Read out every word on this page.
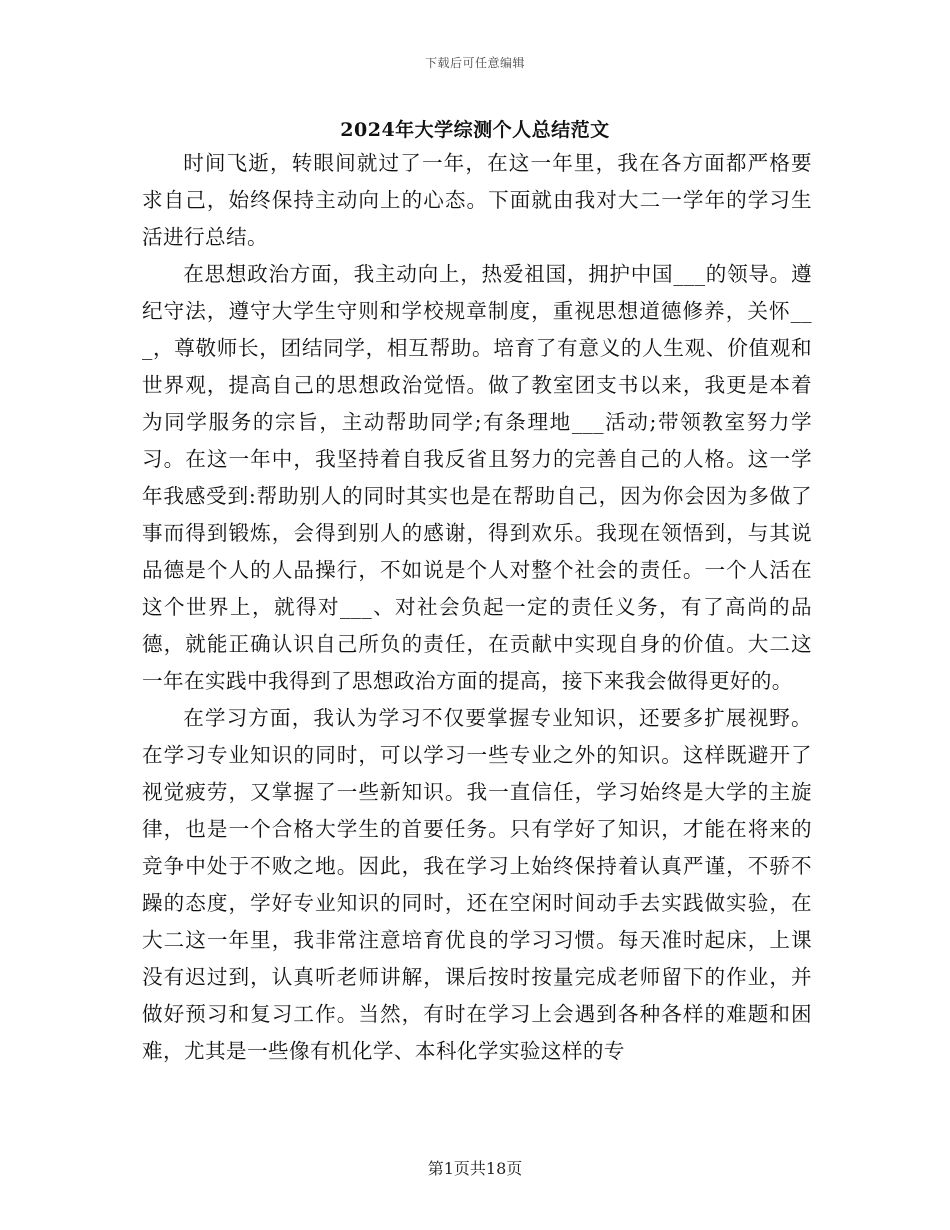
下载后可任意编辑
2024年大学综测个人总结范文

时间飞逝，转眼间就过了一年，在这一年里，我在各方面都严格要求自己，始终保持主动向上的心态。下面就由我对大二一学年的学习生活进行总结。

在思想政治方面，我主动向上，热爱祖国，拥护中国___的领导。遵纪守法，遵守大学生守则和学校规章制度，重视思想道德修养，关怀___，尊敬师长，团结同学，相互帮助。培育了有意义的人生观、价值观和世界观，提高自己的思想政治觉悟。做了教室团支书以来，我更是本着为同学服务的宗旨，主动帮助同学;有条理地___活动;带领教室努力学习。在这一年中，我坚持着自我反省且努力的完善自己的人格。这一学年我感受到:帮助别人的同时其实也是在帮助自己，因为你会因为多做了事而得到锻炼，会得到别人的感谢，得到欢乐。我现在领悟到，与其说品德是个人的人品操行，不如说是个人对整个社会的责任。一个人活在这个世界上，就得对___、对社会负起一定的责任义务，有了高尚的品德，就能正确认识自己所负的责任，在贡献中实现自身的价值。大二这一年在实践中我得到了思想政治方面的提高，接下来我会做得更好的。

在学习方面，我认为学习不仅要掌握专业知识，还要多扩展视野。在学习专业知识的同时，可以学习一些专业之外的知识。这样既避开了视觉疲劳，又掌握了一些新知识。我一直信任，学习始终是大学的主旋律，也是一个合格大学生的首要任务。只有学好了知识，才能在将来的竞争中处于不败之地。因此，我在学习上始终保持着认真严谨，不骄不躁的态度，学好专业知识的同时，还在空闲时间动手去实践做实验，在大二这一年里，我非常注意培育优良的学习习惯。每天准时起床，上课没有迟过到，认真听老师讲解，课后按时按量完成老师留下的作业，并做好预习和复习工作。当然，有时在学习上会遇到各种各样的难题和困难，尤其是一些像有机化学、本科化学实验这样的专

第1页共18页
